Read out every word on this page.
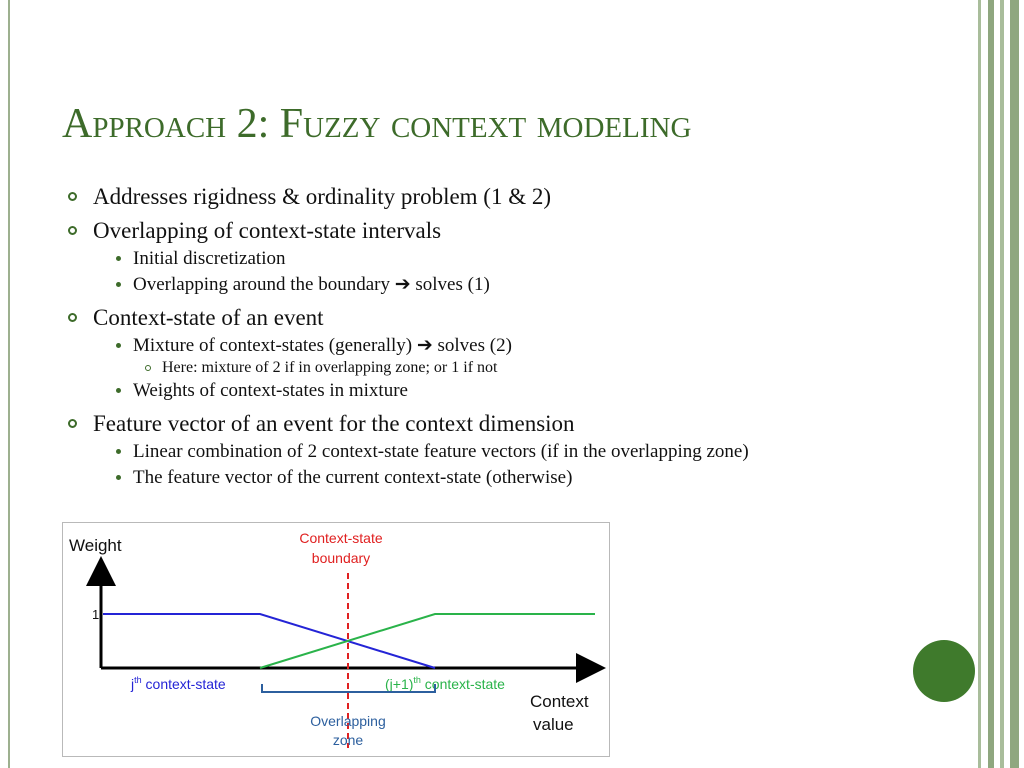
Approach 2: Fuzzy context modeling
Addresses rigidness & ordinality problem (1 & 2)
Overlapping of context-state intervals
Initial discretization
Overlapping around the boundary ➔ solves (1)
Context-state of an event
Mixture of context-states (generally) ➔ solves (2)
Here: mixture of 2 if in overlapping zone; or 1 if not
Weights of context-states in mixture
Feature vector of an event for the context dimension
Linear combination of 2 context-state feature vectors (if in the overlapping zone)
The feature vector of the current context-state (otherwise)
Weight
1
Context-state
boundary
$j^{th}$ context-state	$(j+1)^{th}$ context-state
Context
value
Overlapping
zone
